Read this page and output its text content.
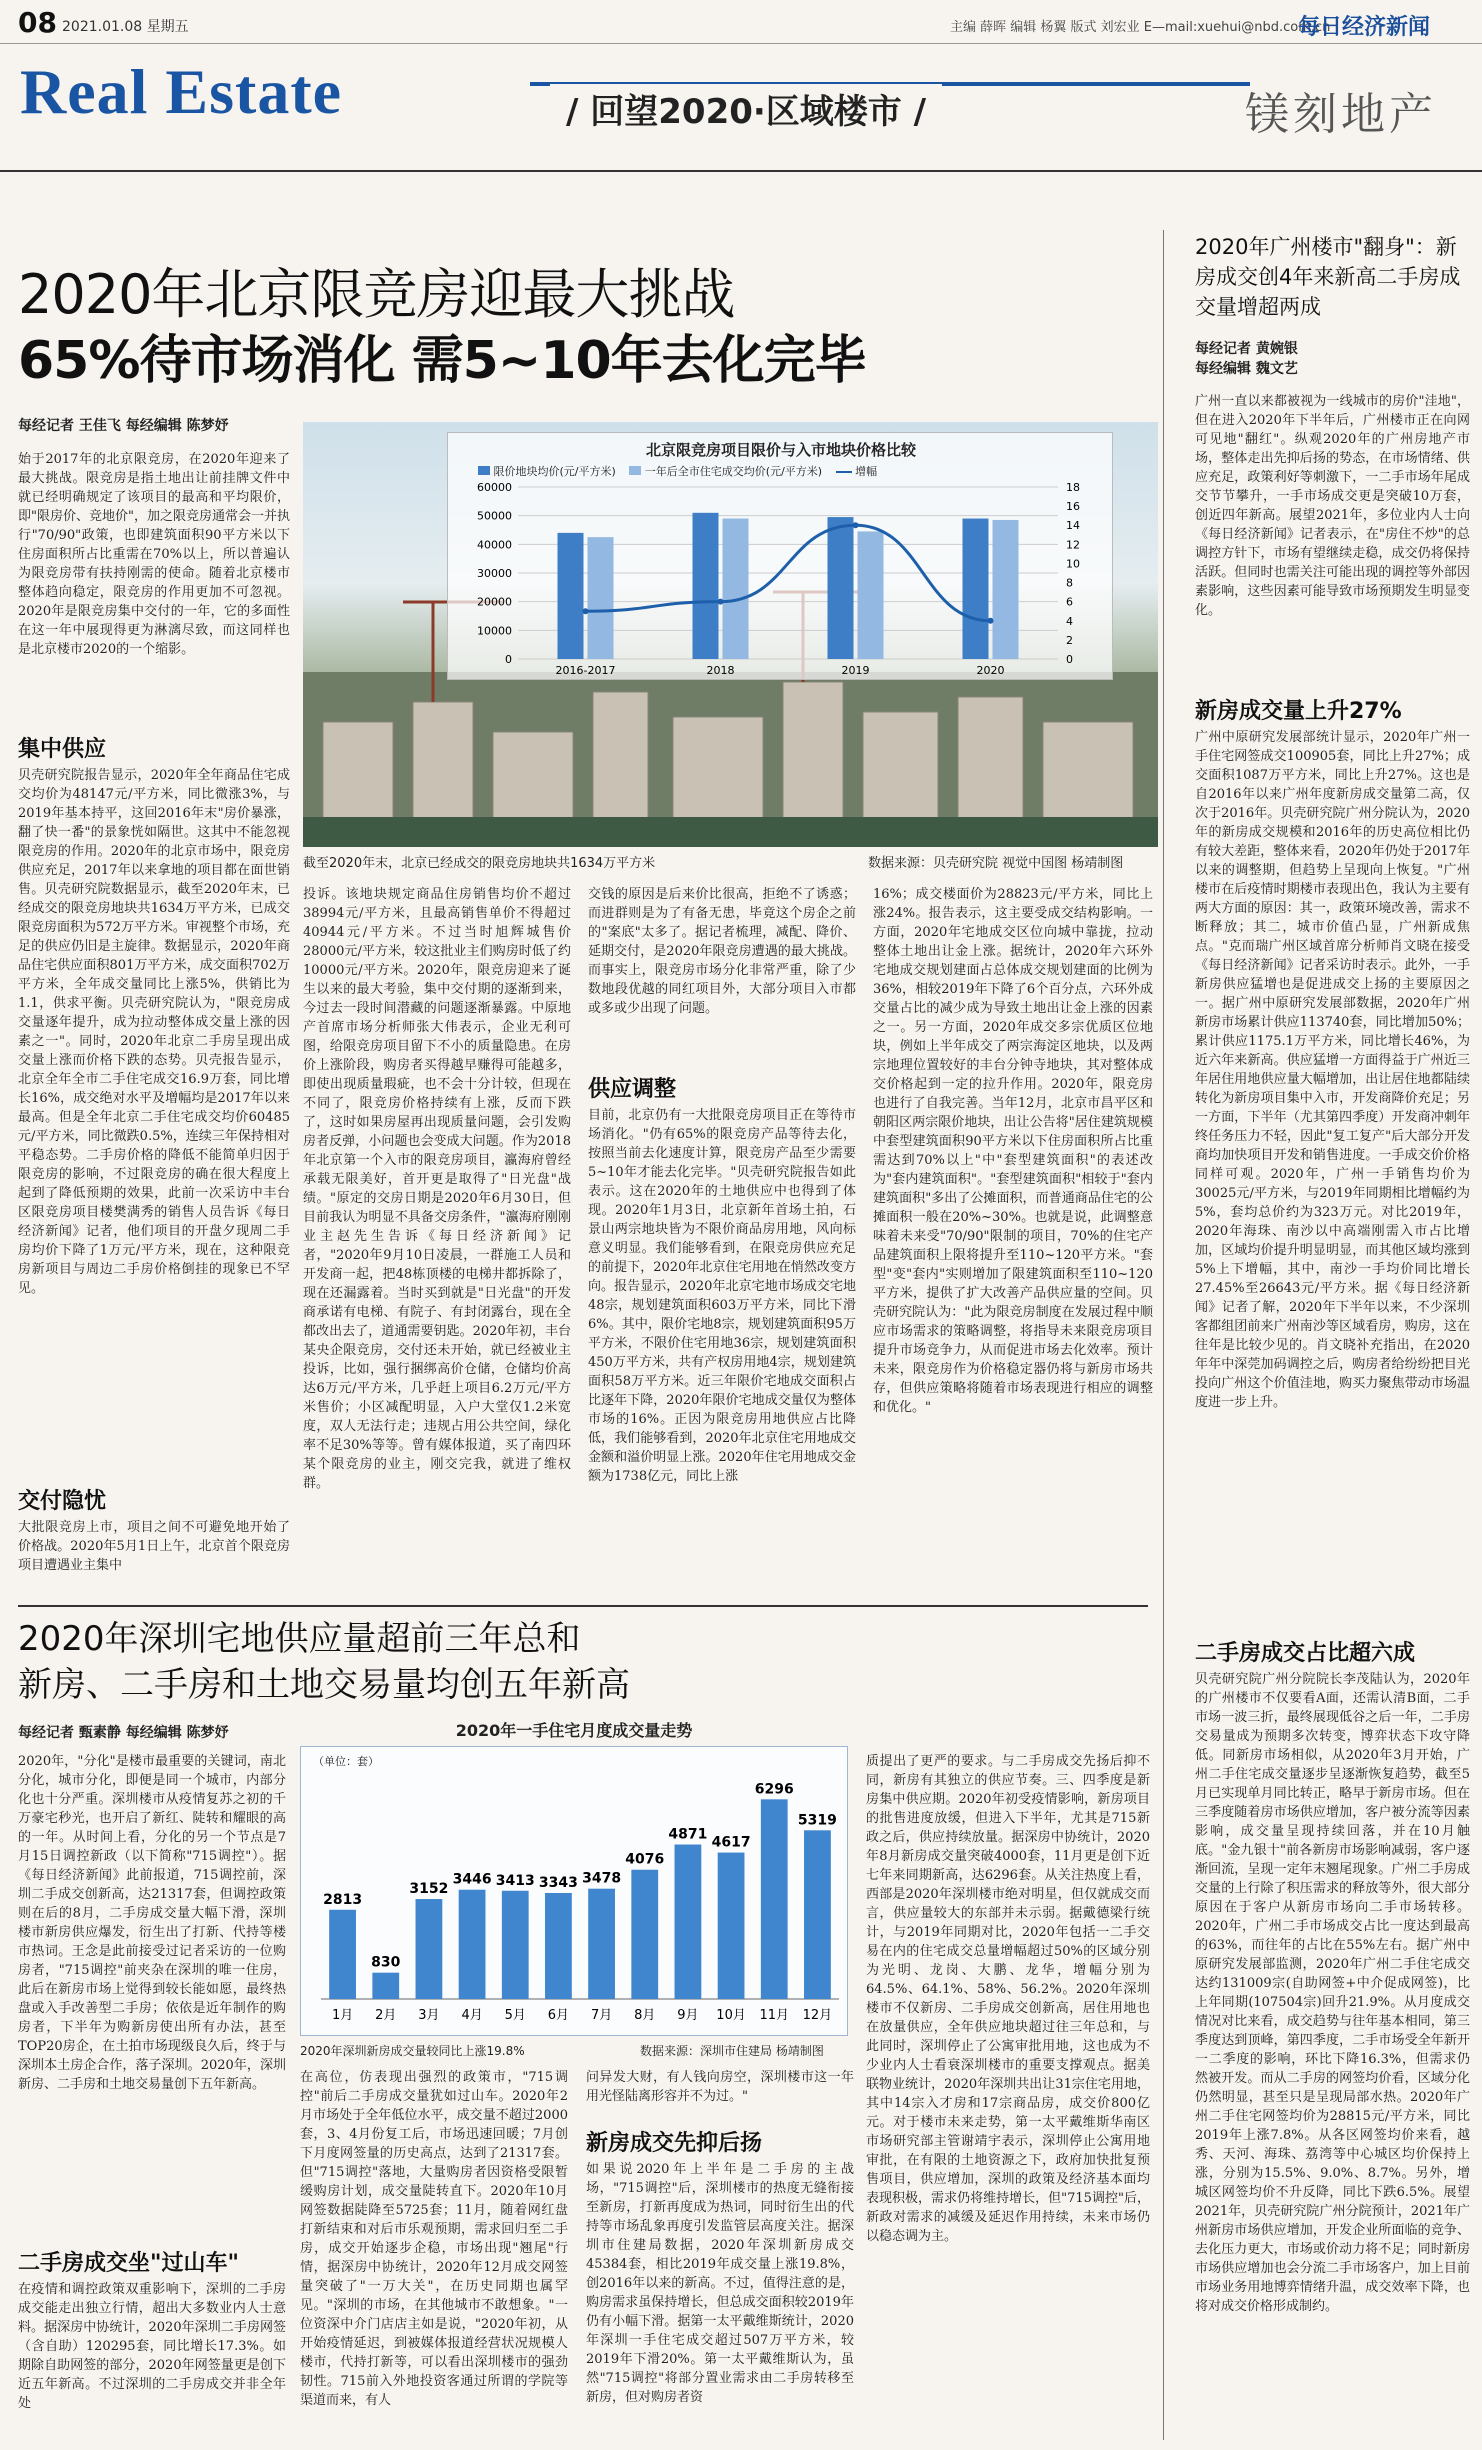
08 2021.01.08 星期五	主编 薛晖 编辑 杨翼 版式 刘宏业 E—mail:xuehui@nbd.com.cn
每日经济新闻
Real Estate	/ 回望2020·区域楼市 /	镁刻地产
2020年北京限竞房迎最大挑战
65%待市场消化 需5~10年去化完毕
每经记者 王佳飞 每经编辑 陈梦妤
始于2017年的北京限竞房，在2020年迎来了最大挑战。限竞房是指土地出让前挂牌文件中就已经明确规定了该项目的最高和平均限价，即"限房价、竞地价"，加之限竞房通常会一并执行"70/90"政策，也即建筑面积90平方米以下住房面积所占比重需在70%以上，所以普遍认为限竞房带有扶持刚需的使命。随着北京楼市整体趋向稳定，限竞房的作用更加不可忽视。2020年是限竞房集中交付的一年，它的多面性在这一年中展现得更为淋漓尽致，而这同样也是北京楼市2020的一个缩影。
集中供应
贝壳研究院报告显示，2020年全年商品住宅成交均价为48147元/平方米，同比微涨3%，与2019年基本持平，这回2016年末"房价暴涨，翻了快一番"的景象恍如隔世。这其中不能忽视限竞房的作用。2020年的北京市场中，限竞房供应充足，2017年以来拿地的项目都在面世销售。贝壳研究院数据显示，截至2020年末，已经成交的限竞房地块共1634万平方米，已成交限竞房面积为572万平方米。审视整个市场，充足的供应仍旧是主旋律。数据显示，2020年商品住宅供应面积801万平方米，成交面积702万平方米，全年成交量同比上涨5%，供销比为1.1，供求平衡。贝壳研究院认为，"限竞房成交量逐年提升，成为拉动整体成交量上涨的因素之一"。同时，2020年北京二手房呈现出成交量上涨而价格下跌的态势。贝壳报告显示，北京全年全市二手住宅成交16.9万套，同比增长16%，成交绝对水平及增幅均是2017年以来最高。但是全年北京二手住宅成交均价60485元/平方米，同比微跌0.5%，连续三年保持相对平稳态势。二手房价格的降低不能简单归因于限竞房的影响，不过限竞房的确在很大程度上起到了降低预期的效果，此前一次采访中丰台区限竞房项目楼樊满秀的销售人员告诉《每日经济新闻》记者，他们项目的开盘夕现周二手房均价下降了1万元/平方米，现在，这种限竞房新项目与周边二手房价格倒挂的现象已不罕见。
交付隐忧
大批限竞房上市，项目之间不可避免地开始了价格战。2020年5月1日上午，北京首个限竞房项目遭遇业主集中
北京限竞房项目限价与入市地块价格比较
限价地块均价(元/平方米)	一年后全市住宅成交均价(元/平方米)	增幅
0
10000
20000
30000
40000
50000
60000
0
2
4
6
8
10
12
14
16
18
2016-2017	2018	2019	2020
截至2020年末，北京已经成交的限竞房地块共1634万平方米	数据来源：贝壳研究院 视觉中国图 杨靖制图
投诉。该地块规定商品住房销售均价不超过38994元/平方米，且最高销售单价不得超过40944元/平方米。不过当时旭辉城售价28000元/平方米，较这批业主们购房时低了约10000元/平方米。2020年，限竞房迎来了诞生以来的最大考验，集中交付期的逐渐到来，今过去一段时间潜藏的问题逐渐暴露。中原地产首席市场分析师张大伟表示，企业无利可图，给限竞房项目留下不小的质量隐患。在房价上涨阶段，购房者买得越早赚得可能越多，即使出现质量瑕疵，也不会十分计较，但现在不同了，限竞房价格持续有上涨，反而下跌了，这时如果房屋再出现质量问题，会引发购房者反弹，小问题也会变成大问题。作为2018年北京第一个入市的限竞房项目，瀛海府曾经承载无限美好，首开更是取得了"日光盘"战绩。"原定的交房日期是2020年6月30日，但目前我认为明显不具备交房条件，"瀛海府刚刚业主赵先生告诉《每日经济新闻》记者，"2020年9月10日凌晨，一群施工人员和开发商一起，把48栋顶楼的电梯井都拆除了，现在还漏露着。当时买到就是"日光盘"的开发商承诺有电梯、有院子、有封闭露台，现在全都改出去了，道通需要钥匙。2020年初，丰台某央企限竞房，交付还未开始，就已经被业主投诉，比如，强行捆绑高价仓储，仓储均价高达6万元/平方米，几乎赶上项目6.2万元/平方米售价；小区减配明显，入户大堂仅1.2米宽度，双人无法行走；违规占用公共空间，绿化率不足30%等等。曾有媒体报道，买了南四环某个限竞房的业主，刚交完我，就进了维权群。
交钱的原因是后来价比很高，拒绝不了诱惑；而进群则是为了有备无患，毕竟这个房企之前的"案底"太多了。据记者梳理，减配、降价、延期交付，是2020年限竞房遭遇的最大挑战。而事实上，限竞房市场分化非常严重，除了少数地段优越的同红项目外，大部分项目入市都或多或少出现了问题。
供应调整
目前，北京仍有一大批限竞房项目正在等待市场消化。"仍有65%的限竞房产品等待去化，按照当前去化速度计算，限竞房产品至少需要5~10年才能去化完毕。"贝壳研究院报告如此表示。这在2020年的土地供应中也得到了体现。2020年1月3日，北京新年首场土拍，石景山两宗地块皆为不限价商品房用地，风向标意义明显。我们能够看到，在限竞房供应充足的前提下，2020年北京住宅用地在悄然改变方向。报告显示，2020年北京宅地市场成交宅地48宗，规划建筑面积603万平方米，同比下滑6%。其中，限价宅地8宗，规划建筑面积95万平方米，不限价住宅用地36宗，规划建筑面积450万平方米，共有产权房用地4宗，规划建筑面积58万平方米。近三年限价宅地成交面积占比逐年下降，2020年限价宅地成交量仅为整体市场的16%。正因为限竞房用地供应占比降低，我们能够看到，2020年北京住宅用地成交金额和溢价明显上涨。2020年住宅用地成交金额为1738亿元，同比上涨
16%；成交楼面价为28823元/平方米，同比上涨24%。报告表示，这主要受成交结构影响。一方面，2020年宅地成交区位向城中靠拢，拉动整体土地出让金上涨。据统计，2020年六环外宅地成交规划建面占总体成交规划建面的比例为36%，相较2019年下降了6个百分点，六环外成交量占比的减少成为导致土地出让金上涨的因素之一。另一方面，2020年成交多宗优质区位地块，例如上半年成交了两宗海淀区地块，以及两宗地理位置较好的丰台分钟寺地块，其对整体成交价格起到一定的拉升作用。2020年，限竞房也进行了自我完善。当年12月，北京市昌平区和朝阳区两宗限价地块，出让公告将"居住建筑规模中套型建筑面积90平方米以下住房面积所占比重需达到70%以上"中"套型建筑面积"的表述改为"套内建筑面积"。"套型建筑面积"相较于"套内建筑面积"多出了公摊面积，而普通商品住宅的公摊面积一般在20%~30%。也就是说，此调整意味着未来受"70/90"限制的项目，70%的住宅产品建筑面积上限将提升至110~120平方米。"套型"变"套内"实则增加了限建筑面积至110~120平方米，提供了扩大改善产品供应量的空间。贝壳研究院认为："此为限竞房制度在发展过程中顺应市场需求的策略调整，将指导未来限竞房项目提升市场竞争力，从而促进市场去化效率。预计未来，限竞房作为价格稳定器仍将与新房市场共存，但供应策略将随着市场表现进行相应的调整和优化。"
2020年深圳宅地供应量超前三年总和
新房、二手房和土地交易量均创五年新高
每经记者 甄素静 每经编辑 陈梦妤
2020年，"分化"是楼市最重要的关键词，南北分化，城市分化，即便是同一个城市，内部分化也十分严重。深圳楼市从疫情复苏之初的千万豪宅秒光，也开启了新红、陡转和耀眼的高的一年。从时间上看，分化的另一个节点是7月15日调控新政（以下简称"715调控"）。据《每日经济新闻》此前报道，715调控前，深圳二手成交创新高，达21317套，但调控政策则在后的8月，二手房成交量大幅下滑，深圳楼市新房供应爆发，衍生出了打新、代持等楼市热词。王念是此前接受过记者采访的一位购房者，"715调控"前夹杂在深圳的唯一住房，此后在新房市场上觉得到较长能如愿，最终热盘或入手改善型二手房；依依是近年制作的购房者，下半年为购新房使出所有办法，甚至TOP20房企，在土拍市场现级良久后，终于与深圳本土房企合作，落子深圳。2020年，深圳新房、二手房和土地交易量创下五年新高。
二手房成交坐"过山车"
在疫情和调控政策双重影响下，深圳的二手房成交能走出独立行情，超出大多数业内人士意料。据深房中协统计，2020年深圳二手房网签（含自助）120295套，同比增长17.3%。如期除自助网签的部分，2020年网签量更是创下近五年新高。不过深圳的二手房成交并非全年处
2020年一手住宅月度成交量走势
（单位：套）
2813
1月
830
2月
3152
3月
3446
4月
3413
5月
3343
6月
3478
7月
4076
8月
4871
9月
4617
10月
6296
11月
5319
12月
2020年深圳新房成交量较同比上涨19.8%	数据来源：深圳市住建局 杨靖制图
在高位，仿表现出强烈的政策市，"715调控"前后二手房成交量犹如过山车。2020年2月市场处于全年低位水平，成交量不超过2000套，3、4月份复工后，市场迅速回暖；7月创下月度网签量的历史高点，达到了21317套。但"715调控"落地，大量购房者因资格受限暂缓购房计划，成交量陡转直下。2020年10月网签数据陡降至5725套；11月，随着网红盘打新结束和对后市乐观预期，需求回归至二手房，成交开始逐步企稳，市场出现"翘尾"行情，据深房中协统计，2020年12月成交网签量突破了"一万大关"，在历史同期也属罕见。"深圳的市场，在其他城市不敢想象。"一位资深中介门店店主如是说，"2020年初，从开始疫情延迟，到被媒体报道经营状况规模人楼市，代持打新等，可以看出深圳楼市的强劲韧性。715前入外地投资客通过所谓的学院等渠道而来，有人
问异发大财，有人钱向房空，深圳楼市这一年用光怪陆离形容并不为过。"
新房成交先抑后扬
如果说2020年上半年是二手房的主战场，"715调控"后，深圳楼市的热度无缝衔接至新房，打新再度成为热词，同时衍生出的代持等市场乱象再度引发监管层高度关注。据深圳市住建局数据，2020年深圳新房成交45384套，相比2019年成交量上涨19.8%，创2016年以来的新高。不过，值得注意的是，购房需求虽保持增长，但总成交面积较2019年仍有小幅下滑。据第一太平戴维斯统计，2020年深圳一手住宅成交超过507万平方米，较2019年下滑20%。第一太平戴维斯认为，虽然"715调控"将部分置业需求由二手房转移至新房，但对购房者资
质提出了更严的要求。与二手房成交先扬后抑不同，新房有其独立的供应节奏。三、四季度是新房集中供应期。2020年初受疫情影响，新房项目的批售进度放缓，但进入下半年，尤其是715新政之后，供应持续放量。据深房中协统计，2020年8月新房成交量突破4000套，11月更是创下近七年来同期新高，达6296套。从关注热度上看，西部是2020年深圳楼市绝对明星，但仅就成交而言，供应量较大的东部并未示弱。据戴德梁行统计，与2019年同期对比，2020年包括一二手交易在内的住宅成交总量增幅超过50%的区域分别为光明、龙岗、大鹏、龙华，增幅分别为64.5%、64.1%、58%、56.2%。2020年深圳楼市不仅新房、二手房成交创新高，居住用地也在放量供应，全年供应地块超过往三年总和，与此同时，深圳停止了公寓审批用地，这也成为不少业内人士看衰深圳楼市的重要支撑观点。据美联物业统计，2020年深圳共出让31宗住宅用地，其中14宗入才房和17宗商品房，成交价800亿元。对于楼市未来走势，第一太平戴维斯华南区市场研究部主管谢靖宇表示，深圳停止公寓用地审批，在有限的土地资源之下，政府加快批复预售项目，供应增加，深圳的政策及经济基本面均表现积极，需求仍将维持增长，但"715调控"后，新政对需求的减缓及延迟作用持续，未来市场仍以稳态调为主。
2020年广州楼市"翻身"：新房成交创4年来新高二手房成交量增超两成
每经记者 黄婉银
每经编辑 魏文艺
广州一直以来都被视为一线城市的房价"洼地"，但在进入2020年下半年后，广州楼市正在向网可见地"翻红"。纵观2020年的广州房地产市场，整体走出先抑后扬的势态，在市场情绪、供应充足，政策利好等刺激下，一二手市场年尾成交节节攀升，一手市场成交更是突破10万套，创近四年新高。展望2021年，多位业内人士向《每日经济新闻》记者表示，在"房住不炒"的总调控方针下，市场有望继续走稳，成交仍将保持活跃。但同时也需关注可能出现的调控等外部因素影响，这些因素可能导致市场预期发生明显变化。
新房成交量上升27%
广州中原研究发展部统计显示，2020年广州一手住宅网签成交100905套，同比上升27%；成交面积1087万平方米，同比上升27%。这也是自2016年以来广州年度新房成交量第二高，仅次于2016年。贝壳研究院广州分院认为，2020年的新房成交规模和2016年的历史高位相比仍有较大差距，整体来看，2020年仍处于2017年以来的调整期，但趋势上呈现向上恢复。"广州楼市在后疫情时期楼市表现出色，我认为主要有两大方面的原因：其一，政策环境改善，需求不断释放；其二，城市价值凸显，广州新成焦点。"克而瑞广州区域首席分析师肖文晓在接受《每日经济新闻》记者采访时表示。此外，一手新房供应猛增也是促进成交上扬的主要原因之一。据广州中原研究发展部数据，2020年广州新房市场累计供应113740套，同比增加50%；累计供应1175.1万平方米，同比增长46%，为近六年来新高。供应猛增一方面得益于广州近三年居住用地供应量大幅增加，出让居住地都陆续转化为新房项目集中入市，开发商降价充足；另一方面，下半年（尤其第四季度）开发商冲刺年终任务压力不轻，因此"复工复产"后大部分开发商均加快项目开发和销售进度。一手成交价价格同样可观。2020年，广州一手销售均价为30025元/平方米，与2019年同期相比增幅约为5%，套均总价约为323万元。对比2019年，2020年海珠、南沙以中高端刚需入市占比增加，区域均价提升明显明显，而其他区域均涨到5%上下增幅，其中，南沙一手均价同比增长27.45%至26643元/平方米。据《每日经济新闻》记者了解，2020年下半年以来，不少深圳客都组团前来广州南沙等区域看房，购房，这在往年是比较少见的。肖文晓补充指出，在2020年年中深莞加码调控之后，购房者给纷纷把目光投向广州这个价值洼地，购买力聚焦带动市场温度进一步上升。
二手房成交占比超六成
贝壳研究院广州分院院长李茂陆认为，2020年的广州楼市不仅要看A面，还需认清B面，二手市场一波三折，最终展现低谷之后一年，二手房交易量成为预期多次转变，博弈状态下攻守降低。同新房市场相似，从2020年3月开始，广州二手住宅成交量逐步呈逐渐恢复趋势，截至5月已实现单月同比转正，略早于新房市场。但在三季度随着房市场供应增加，客户被分流等因素影响，成交量呈现持续回落，并在10月触底。"金九银十"前各新房市场影响减弱，客户逐渐回流，呈现一定年末翘尾现象。广州二手房成交量的上行除了积压需求的释放等外，很大部分原因在于客户从新房市场向二手市场转移。2020年，广州二手市场成交占比一度达到最高的63%，而往年的占比在55%左右。据广州中原研究发展部监测，2020年广州二手住宅成交达约131009宗(自助网签+中介促成网签)，比上年同期(107504宗)回升21.9%。从月度成交情况对比来看，成交趋势与往年基本相同，第三季度达到顶峰，第四季度，二手市场受全年新开一二季度的影响，环比下降16.3%，但需求仍然被开发。而从二手房的网签均价看，区域分化仍然明显，甚至只是呈现局部水热。2020年广州二手住宅网签均价为28815元/平方米，同比2019年上涨7.8%。从各区网签均价来看，越秀、天河、海珠、荔湾等中心城区均价保持上涨，分别为15.5%、9.0%、8.7%。另外，增城区网签均价不升反降，同比下跌6.5%。展望2021年，贝壳研究院广州分院预计，2021年广州新房市场供应增加，开发企业所面临的竞争、去化压力更大，市场或价动力将不足；同时新房市场供应增加也会分流二手市场客户，加上目前市场业务用地博弈情绪升温，成交效率下降，也将对成交价格形成制约。
